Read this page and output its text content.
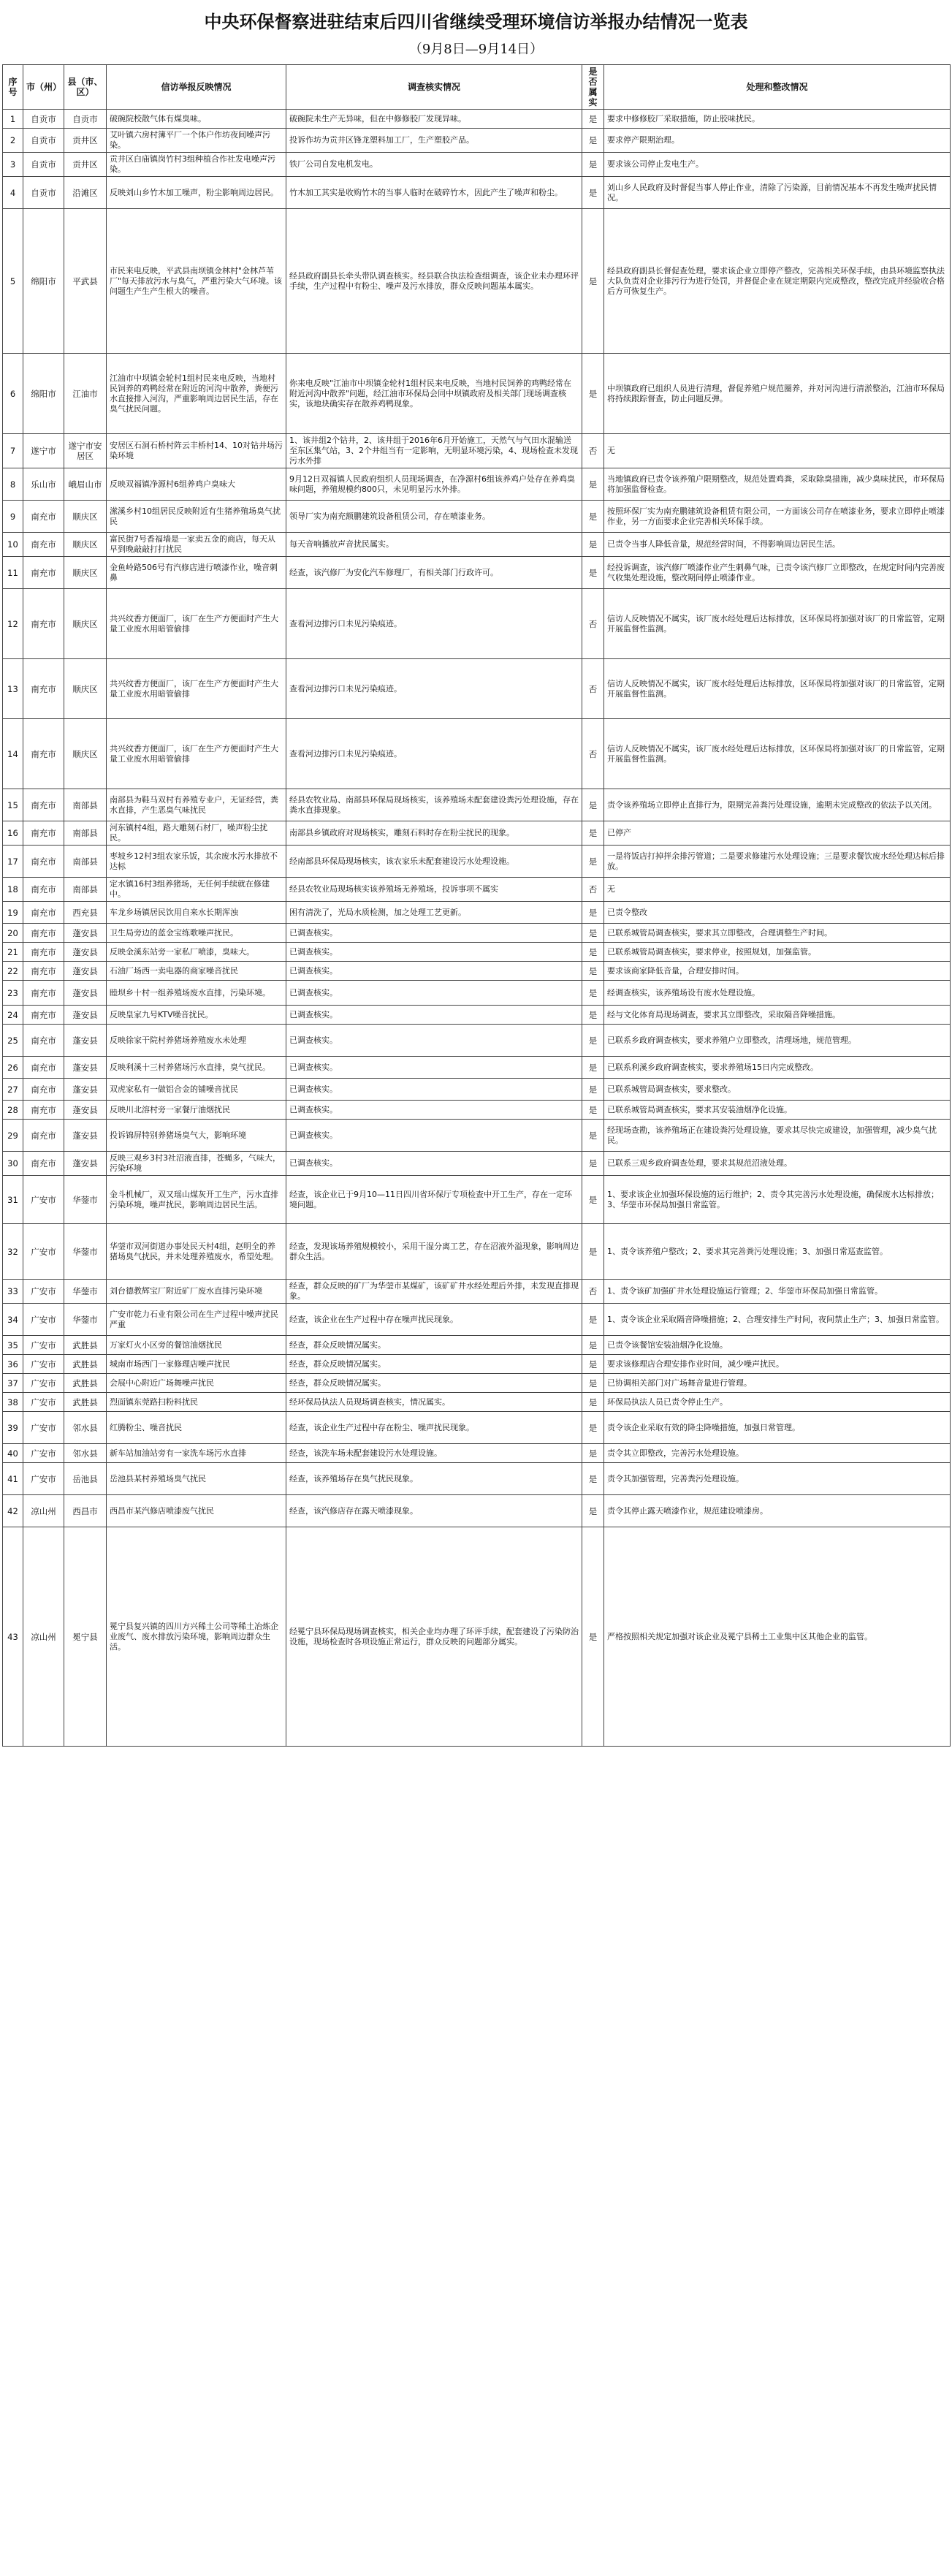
中央环保督察进驻结束后四川省继续受理环境信访举报办结情况一览表
（9月8日—9月14日）
序号	市（州）	县（市、区）	信访举报反映情况	调查核实情况	是否属实	处理和整改情况
1	自贡市	自贡市	破碗院校散气体有煤臭味。	破碗院未生产无异味，但在中修修胶厂发现异味。	是	要求中修修胶厂采取措施，防止胶味扰民。
2	自贡市	贡井区	艾叶镇六房村簿平厂一个体户作坊夜间噪声污染。	投诉作坊为贡井区锋龙塑料加工厂，生产塑胶产品。	是	要求停产限期治理。
3	自贡市	贡井区	贡井区白庙镇岗竹村3组种植合作社发电噪声污染。	铁厂公司自发电机发电。	是	要求该公司停止发电生产。
4	自贡市	沿滩区	反映刘山乡竹木加工噪声，粉尘影响周边居民。	竹木加工其实是收购竹木的当事人临时在破碎竹木，因此产生了噪声和粉尘。	是	刘山乡人民政府及时督促当事人停止作业，清除了污染源，目前情况基本不再发生噪声扰民情况。
5	绵阳市	平武县	市民来电反映，平武县南坝镇金林村"金林芦苇厂"每天排放污水与臭气，严重污染大气环境。该问题生产生产生根大的噪音。	经县政府副县长牵头带队调查核实。经县联合执法检查组调查，该企业未办理环评手续，生产过程中有粉尘、噪声及污水排放，群众反映问题基本属实。	是	经县政府副县长督促查处理，要求该企业立即停产整改，完善相关环保手续，由县环境监察执法大队负责对企业排污行为进行处罚，并督促企业在规定期限内完成整改，整改完成并经验收合格后方可恢复生产。
6	绵阳市	江油市	江油市中坝镇金轮村1组村民来电反映，当地村民饲养的鸡鸭经常在附近的河沟中散养，粪便污水直接排入河沟，严重影响周边居民生活，存在臭气扰民问题。	你来电反映"江油市中坝镇金轮村1组村民来电反映，当地村民饲养的鸡鸭经常在附近河沟中散养"问题，经江油市环保局会同中坝镇政府及相关部门现场调查核实，该地块确实存在散养鸡鸭现象。	是	中坝镇政府已组织人员进行清理，督促养殖户规范圈养，并对河沟进行清淤整治，江油市环保局将持续跟踪督查，防止问题反弹。
7	遂宁市	遂宁市安居区	安居区石洞石桥村阵云丰桥村14、10对钻井场污染环境	1、该井组2个钻井，2、该井组于2016年6月开始施工，天然气与气田水混输送至东区集气站，3、2个井组当有一定影响，无明显环境污染，4、现场检查未发现污水外排	否	无
8	乐山市	峨眉山市	反映双福镇净源村6组养鸡户臭味大	9月12日双福镇人民政府组织人员现场调查，在净源村6组该养鸡户处存在养鸡臭味问题，养殖规模约800只，未见明显污水外排。	是	当地镇政府已责令该养殖户限期整改，规范处置鸡粪，采取除臭措施，减少臭味扰民，市环保局将加强监督检查。
9	南充市	顺庆区	潆溪乡村10组居民反映附近有生猪养殖场臭气扰民	领导厂实为南充额鹏建筑设备租赁公司，存在喷漆业务。	是	按照环保厂实为南充鹏建筑设备租赁有限公司，一方面该公司存在喷漆业务，要求立即停止喷漆作业，另一方面要求企业完善相关环保手续。
10	南充市	顺庆区	富民街7号香福墙是一家卖五金的商店，每天从早到晚敲敲打打扰民	每天音响播放声音扰民属实。	是	已责令当事人降低音量，规范经营时间，不得影响周边居民生活。
11	南充市	顺庆区	金鱼岭路506号有汽修店进行喷漆作业，噪音刺鼻	经查，该汽修厂为安化汽车修理厂，有相关部门行政许可。	是	经投诉调查，该汽修厂喷漆作业产生刺鼻气味，已责令该汽修厂立即整改，在规定时间内完善废气收集处理设施，整改期间停止喷漆作业。
12	南充市	顺庆区	共兴纹香方便面厂，该厂在生产方便面时产生大量工业废水用暗管偷排	查看河边排污口未见污染痕迹。	否	信访人反映情况不属实，该厂废水经处理后达标排放，区环保局将加强对该厂的日常监管，定期开展监督性监测。
13	南充市	顺庆区	共兴纹香方便面厂，该厂在生产方便面时产生大量工业废水用暗管偷排	查看河边排污口未见污染痕迹。	否	信访人反映情况不属实，该厂废水经处理后达标排放，区环保局将加强对该厂的日常监管，定期开展监督性监测。
14	南充市	顺庆区	共兴纹香方便面厂，该厂在生产方便面时产生大量工业废水用暗管偷排	查看河边排污口未见污染痕迹。	否	信访人反映情况不属实，该厂废水经处理后达标排放，区环保局将加强对该厂的日常监管，定期开展监督性监测。
15	南充市	南部县	南部县为鞋马双村有养殖专业户，无证经营，粪水直排，产生恶臭气味扰民	经县农牧业局、南部县环保局现场核实，该养殖场未配套建设粪污处理设施，存在粪水直排现象。	是	责令该养殖场立即停止直排行为，限期完善粪污处理设施，逾期未完成整改的依法予以关闭。
16	南充市	南部县	河东镇村4组，路大雕刻石材厂，噪声粉尘扰民。	南部县乡镇政府对现场核实，雕刻石料时存在粉尘扰民的现象。	是	已停产
17	南充市	南部县	枣坡乡12村3组农家乐饭，其余废水污水排放不达标	经南部县环保局现场核实，该农家乐未配套建设污水处理设施。	是	一是将饭店打掉拌余排污管道；二是要求修建污水处理设施；三是要求餐饮废水经处理达标后排放。
18	南充市	南部县	定水镇16村3组养猪场，无任何手续就在修建中。	经县农牧业局现场核实该养殖场无养殖场，投诉事项不属实	否	无
19	南充市	西充县	车龙乡场镇居民饮用自来水长期浑浊	困有清洗了，光局水质检测，加之处理工艺更新。	是	已责令整改
20	南充市	蓬安县	卫生局旁边的蓝金宝练歌噪声扰民。	已调查核实。	是	已联系城管局调查核实，要求其立即整改，合理调整生产时间。
21	南充市	蓬安县	反映金溪东站旁一家私厂喷漆，臭味大。	已调查核实。	是	已联系城管局调查核实，要求停业，按照规划，加强监管。
22	南充市	蓬安县	石油厂场西一卖电器的商家噪音扰民	已调查核实。	是	要求该商家降低音量，合理安排时间。
23	南充市	蓬安县	睦坝乡十村一组养殖场废水直排，污染环境。	已调查核实。	是	经调查核实，该养殖场设有废水处理设施。
24	南充市	蓬安县	反映皇家九号KTV噪音扰民。	已调查核实。	是	经与文化体育局现场调查，要求其立即整改，采取隔音降噪措施。
25	南充市	蓬安县	反映徐家干院村养猪场养殖废水未处理	已调查核实。	是	已联系乡政府调查核实，要求养殖户立即整改，清理场地，规范管理。
26	南充市	蓬安县	反映利溪十三村养猪场污水直排，臭气扰民。	已调查核实。	是	已联系利溪乡政府调查核实，要求养殖场15日内完成整改。
27	南充市	蓬安县	双虎家私有一做铝合金的铺噪音扰民	已调查核实。	是	已联系城管局调查核实，要求整改。
28	南充市	蓬安县	反映川北溶村旁一家餐厅油烟扰民	已调查核实。	是	已联系城管局调查核实，要求其安装油烟净化设施。
29	南充市	蓬安县	投诉锦屏特别养猪场臭气大，影响环境	已调查核实。	是	经现场查勘，该养殖场正在建设粪污处理设施，要求其尽快完成建设，加强管理，减少臭气扰民。
30	南充市	蓬安县	反映三观乡3村3社沼液直排，苍蝇多，气味大，污染环境	已调查核实。	是	已联系三观乡政府调查处理，要求其规范沼液处理。
31	广安市	华蓥市	金斗机械厂，双又瑶山煤灰开工生产，污水直排污染环境，噪声扰民，影响周边居民生活。	经查，该企业已于9月10—11日四川省环保厅专项检查中开工生产，存在一定环境问题。	是	1、要求该企业加强环保设施的运行维护；2、责令其完善污水处理设施，确保废水达标排放；3、华蓥市环保局加强日常监管。
32	广安市	华蓥市	华蓥市双河街道办事处民天村4组，赵明全的养猪场臭气扰民，并未处理养殖废水，希望处理。	经查，发现该场养殖规模较小，采用干湿分离工艺，存在沼液外溢现象，影响周边群众生活。	是	1、责令该养殖户整改；2、要求其完善粪污处理设施；3、加强日常巡查监管。
33	广安市	华蓥市	刘台德教辉宝厂附近矿厂废水直排污染环境	经查，群众反映的矿厂为华蓥市某煤矿，该矿矿井水经处理后外排，未发现直排现象。	否	1、责令该矿加强矿井水处理设施运行管理；2、华蓥市环保局加强日常监管。
34	广安市	华蓥市	广安市乾力石业有限公司在生产过程中噪声扰民严重	经查，该企业在生产过程中存在噪声扰民现象。	是	1、责令该企业采取隔音降噪措施；2、合理安排生产时间，夜间禁止生产；3、加强日常监管。
35	广安市	武胜县	万家灯火小区旁的餐馆油烟扰民	经查，群众反映情况属实。	是	已责令该餐馆安装油烟净化设施。
36	广安市	武胜县	城南市场西门一家修理店噪声扰民	经查，群众反映情况属实。	是	要求该修理店合理安排作业时间，减少噪声扰民。
37	广安市	武胜县	会展中心附近广场舞噪声扰民	经查，群众反映情况属实。	是	已协调相关部门对广场舞音量进行管理。
38	广安市	武胜县	烈面镇东莞路扫粉料扰民	经环保局执法人员现场调查核实，情况属实。	是	环保局执法人员已责令停止生产。
39	广安市	邻水县	红腾粉尘、噪音扰民	经查，该企业生产过程中存在粉尘、噪声扰民现象。	是	责令该企业采取有效的降尘降噪措施，加强日常管理。
40	广安市	邻水县	新车站加油站旁有一家洗车场污水直排	经查，该洗车场未配套建设污水处理设施。	是	责令其立即整改，完善污水处理设施。
41	广安市	岳池县	岳池县某村养殖场臭气扰民	经查，该养殖场存在臭气扰民现象。	是	责令其加强管理，完善粪污处理设施。
42	凉山州	西昌市	西昌市某汽修店喷漆废气扰民	经查，该汽修店存在露天喷漆现象。	是	责令其停止露天喷漆作业，规范建设喷漆房。
43	凉山州	冕宁县	冕宁县复兴镇的四川方兴稀土公司等稀土冶炼企业废气、废水排放污染环境，影响周边群众生活。	经冕宁县环保局现场调查核实，相关企业均办理了环评手续，配套建设了污染防治设施，现场检查时各项设施正常运行，群众反映的问题部分属实。	是	严格按照相关规定加强对该企业及冕宁县稀土工业集中区其他企业的监管。
